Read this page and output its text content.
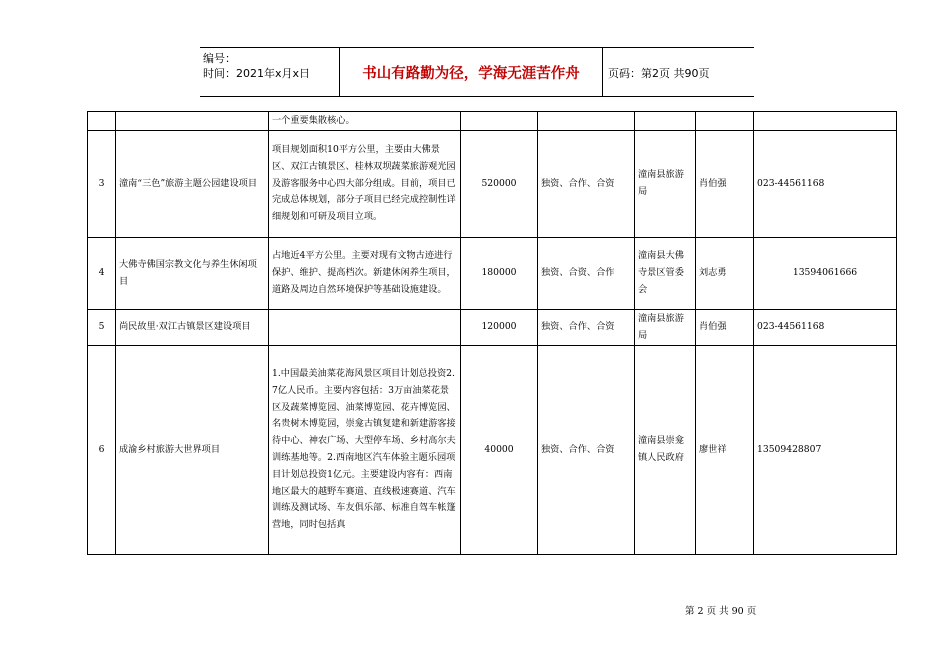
编号：
时间：2021年x月x日	书山有路勤为径，学海无涯苦作舟	页码：第2页 共90页
		一个重要集散核心。					
3	潼南“三色”旅游主题公园建设项目	项目规划面积10平方公里，主要由大佛景区、双江古镇景区、桂林双坝蔬菜旅游观光园及游客服务中心四大部分组成。目前，项目已完成总体规划，部分子项目已经完成控制性详细规划和可研及项目立项。	520000	独资、合作、合资	潼南县旅游局	肖伯强	023-44561168
4	大佛寺佛国宗教文化与养生休闲项目	占地近4平方公里。主要对现有文物古迹进行保护、维护、提高档次。新建休闲养生项目，道路及周边自然环境保护等基础设施建设。	180000	独资、合资、合作	潼南县大佛寺景区管委会	刘志勇	13594061666
5	尚民故里·双江古镇景区建设项目		120000	独资、合作、合资	潼南县旅游局	肖伯强	023-44561168
6	成渝乡村旅游大世界项目	1.中国最美油菜花海风景区项目计划总投资2.7亿人民币。主要内容包括：3万亩油菜花景区及蔬菜博览园、油菜博览园、花卉博览园、名贵树木博览园，崇龛古镇复建和新建游客接待中心、神农广场、大型停车场、乡村高尔夫训练基地等。2.西南地区汽车体验主题乐园项目计划总投资1亿元。主要建设内容有：西南地区最大的越野车赛道、直线极速赛道、汽车训练及测试场、车友俱乐部、标准自驾车帐篷营地，同时包括真	40000	独资、合作、合资	潼南县崇龛镇人民政府	廖世祥	13509428807
第 2 页 共 90 页
